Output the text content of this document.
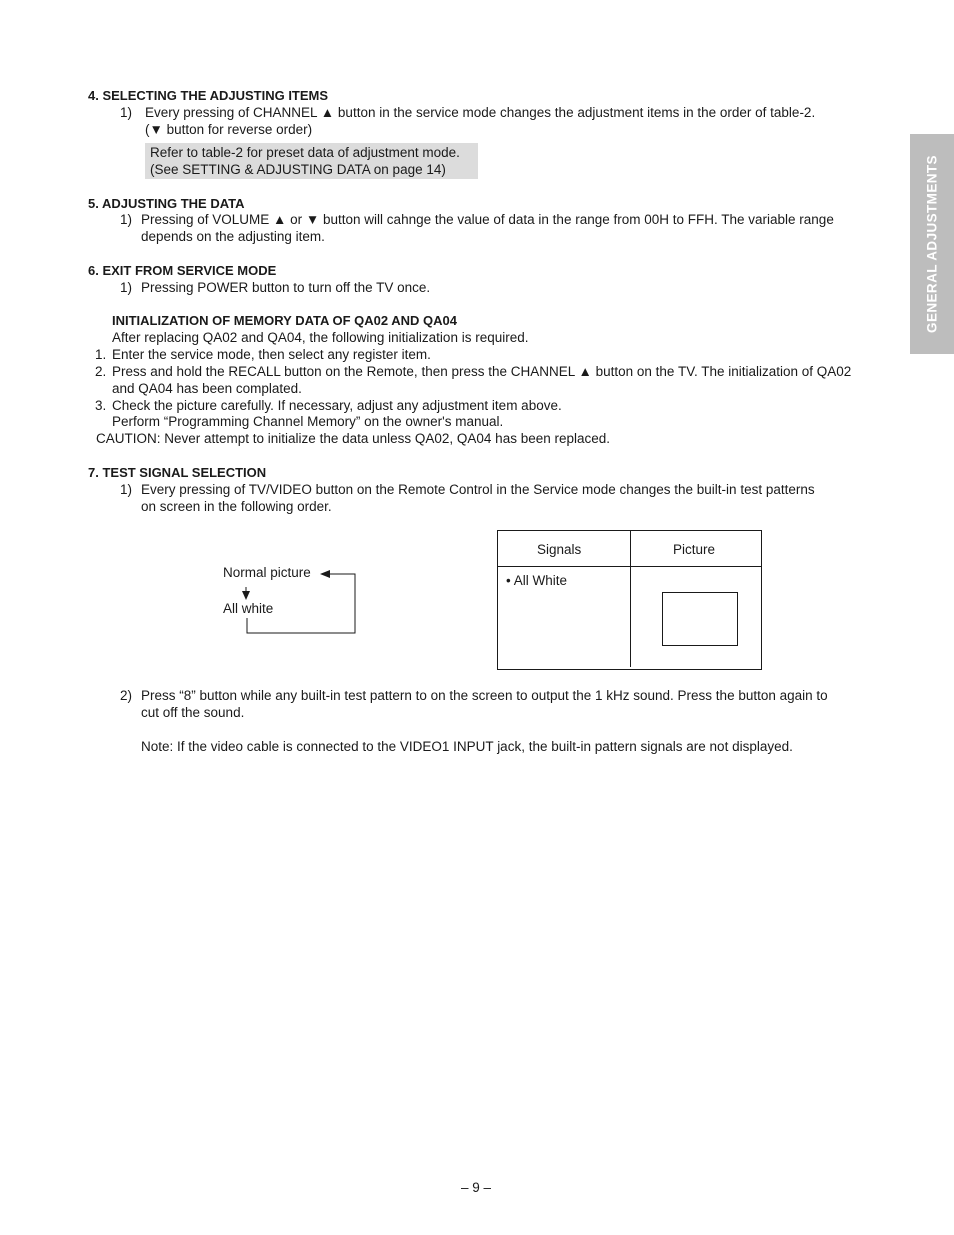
4. SELECTING THE ADJUSTING ITEMS
1) Every pressing of CHANNEL ▲ button in the service mode changes the adjustment items in the order of table-2.
(▼ button for reverse order)
Refer to table-2 for preset data of adjustment mode.
(See SETTING & ADJUSTING DATA on page 14)
5. ADJUSTING THE DATA
1) Pressing of VOLUME ▲ or ▼ button will cahnge the value of data in the range from 00H to FFH. The variable range
depends on the adjusting item.
6. EXIT FROM SERVICE MODE
1) Pressing POWER button to turn off the TV once.
INITIALIZATION OF MEMORY DATA OF QA02 AND QA04
After replacing QA02 and QA04, the following initialization is required.
1. Enter the service mode, then select any register item.
2. Press and hold the RECALL button on the Remote, then press the CHANNEL ▲ button on the TV. The initialization of QA02
and QA04 has been complated.
3. Check the picture carefully. If necessary, adjust any adjustment item above.
Perform “Programming Channel Memory” on the owner's manual.
CAUTION: Never attempt to initialize the data unless QA02, QA04 has been replaced.
7. TEST SIGNAL SELECTION
1) Every pressing of TV/VIDEO button on the Remote Control in the Service mode changes the built-in test patterns
on screen in the following order.
Normal picture
All white
Signals	Picture
• All White
2) Press “8” button while any built-in test pattern to on the screen to output the 1 kHz sound. Press the button again to
cut off the sound.
Note: If the video cable is connected to the VIDEO1 INPUT jack, the built-in pattern signals are not displayed.
GENERAL ADJUSTMENTS
– 9 –
